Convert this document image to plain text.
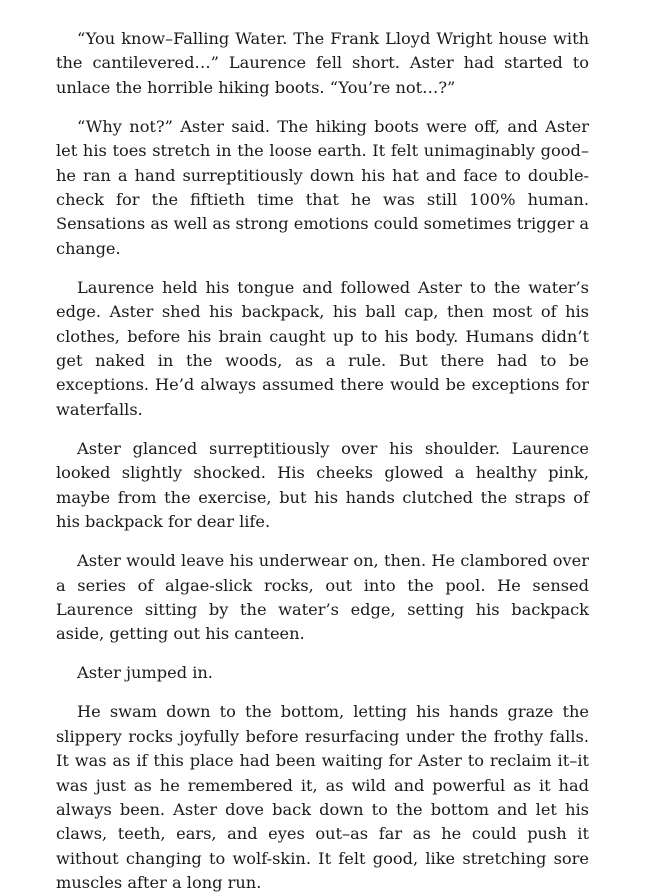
“You know–Falling Water. The Frank Lloyd Wright house with the cantilevered…” Laurence fell short. Aster had started to unlace the horrible hiking boots. “You’re not…?”

“Why not?” Aster said. The hiking boots were off, and Aster let his toes stretch in the loose earth. It felt unimaginably good–he ran a hand surreptitiously down his hat and face to double-check for the fiftieth time that he was still 100% human. Sensations as well as strong emotions could sometimes trigger a change.

Laurence held his tongue and followed Aster to the water’s edge. Aster shed his backpack, his ball cap, then most of his clothes, before his brain caught up to his body. Humans didn’t get naked in the woods, as a rule. But there had to be exceptions. He’d always assumed there would be exceptions for waterfalls.

Aster glanced surreptitiously over his shoulder. Laurence looked slightly shocked. His cheeks glowed a healthy pink, maybe from the exercise, but his hands clutched the straps of his backpack for dear life.

Aster would leave his underwear on, then. He clambored over a series of algae-slick rocks, out into the pool. He sensed Laurence sitting by the water’s edge, setting his backpack aside, getting out his canteen.

Aster jumped in.

He swam down to the bottom, letting his hands graze the slippery rocks joyfully before resurfacing under the frothy falls. It was as if this place had been waiting for Aster to reclaim it–it was just as he remembered it, as wild and powerful as it had always been. Aster dove back down to the bottom and let his claws, teeth, ears, and eyes out–as far as he could push it without changing to wolf-skin. It felt good, like stretching sore muscles after a long run.
